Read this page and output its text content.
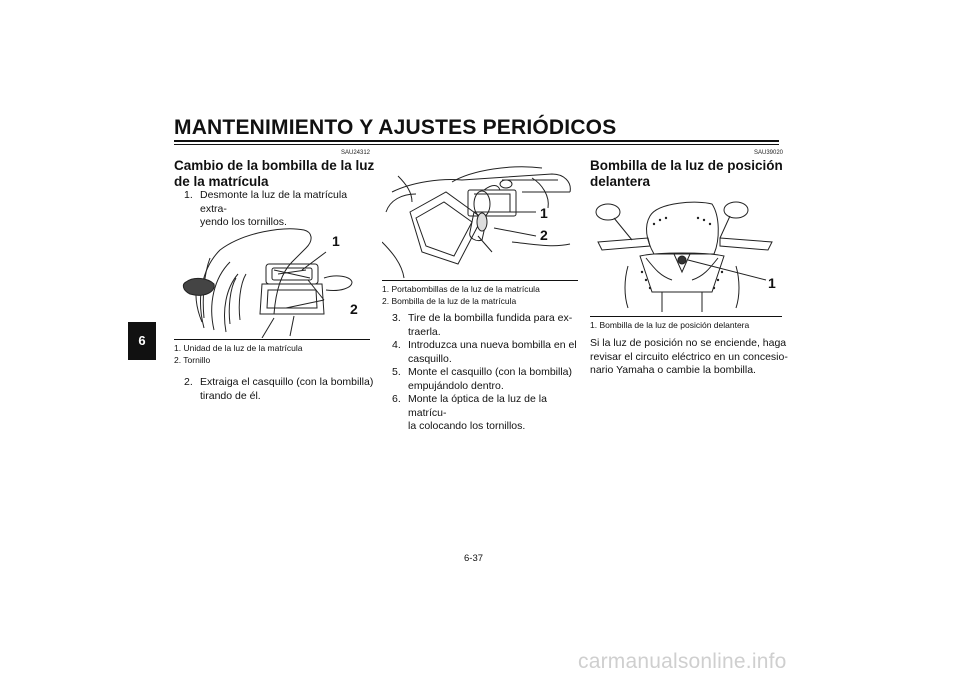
MANTENIMIENTO Y AJUSTES PERIÓDICOS
6
SAU24312
Cambio de la bombilla de la luz
de la matrícula
1. Desmonte la luz de la matrícula extra-
yendo los tornillos.
1
2
1. Unidad de la luz de la matrícula
2. Tornillo
2. Extraiga el casquillo (con la bombilla)
tirando de él.
1
2
1. Portabombillas de la luz de la matrícula
2. Bombilla de la luz de la matrícula
3. Tire de la bombilla fundida para ex-
traerla.
4. Introduzca una nueva bombilla en el
casquillo.
5. Monte el casquillo (con la bombilla)
empujándolo dentro.
6. Monte la óptica de la luz de la matrícu-
la colocando los tornillos.
SAU39020
Bombilla de la luz de posición
delantera
1
1. Bombilla de la luz de posición delantera
Si la luz de posición no se enciende, haga
revisar el circuito eléctrico en un concesio-
nario Yamaha o cambie la bombilla.
6-37
carmanualsonline.info
